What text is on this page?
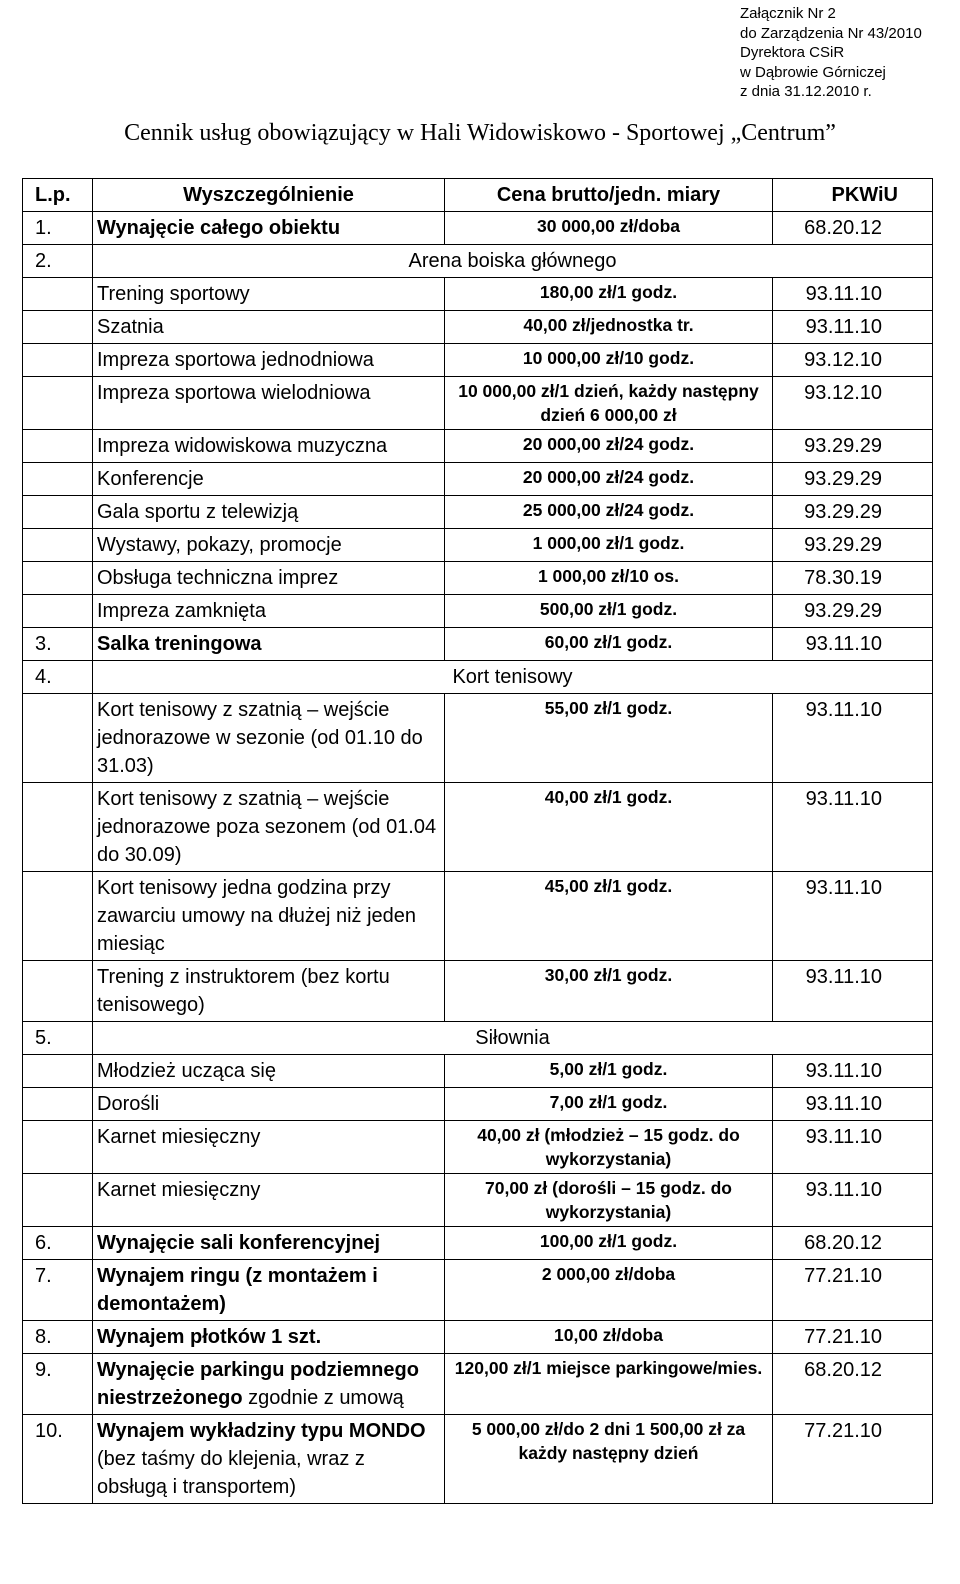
Załącznik Nr 2
do Zarządzenia Nr 43/2010
Dyrektora CSiR
w Dąbrowie Górniczej
z dnia 31.12.2010 r.
Cennik usług obowiązujący w Hali Widowiskowo - Sportowej „Centrum”
L.p.	Wyszczególnienie	Cena brutto/jedn. miary	PKWiU
1.	Wynajęcie całego obiektu	30 000,00 zł/doba	68.20.12
2.	Arena boiska głównego		
	Trening sportowy	180,00 zł/1 godz.	93.11.10
	Szatnia	40,00 zł/jednostka tr.	93.11.10
	Impreza sportowa jednodniowa	10 000,00 zł/10 godz.	93.12.10
	Impreza sportowa wielodniowa	10 000,00 zł/1 dzień, każdy następny dzień 6 000,00 zł	93.12.10
	Impreza widowiskowa muzyczna	20 000,00 zł/24 godz.	93.29.29
	Konferencje	20 000,00 zł/24 godz.	93.29.29
	Gala sportu z telewizją	25 000,00 zł/24 godz.	93.29.29
	Wystawy, pokazy, promocje	1 000,00 zł/1 godz.	93.29.29
	Obsługa techniczna imprez	1 000,00 zł/10 os.	78.30.19
	Impreza zamknięta	500,00 zł/1 godz.	93.29.29
3.	Salka treningowa	60,00 zł/1 godz.	93.11.10
4.	Kort tenisowy		
	Kort tenisowy z szatnią – wejście jednorazowe w sezonie (od 01.10 do 31.03)	55,00 zł/1 godz.	93.11.10
	Kort tenisowy z szatnią – wejście jednorazowe poza sezonem (od 01.04 do 30.09)	40,00 zł/1 godz.	93.11.10
	Kort tenisowy jedna godzina przy zawarciu umowy na dłużej niż jeden miesiąc	45,00 zł/1 godz.	93.11.10
	Trening z instruktorem (bez kortu tenisowego)	30,00 zł/1 godz.	93.11.10
5.	Siłownia		
	Młodzież ucząca się	5,00 zł/1 godz.	93.11.10
	Dorośli	7,00 zł/1 godz.	93.11.10
	Karnet miesięczny	40,00 zł (młodzież – 15 godz. do wykorzystania)	93.11.10
	Karnet miesięczny	70,00 zł (dorośli – 15 godz. do wykorzystania)	93.11.10
6.	Wynajęcie sali konferencyjnej	100,00 zł/1 godz.	68.20.12
7.	Wynajem ringu (z montażem i demontażem)	2 000,00 zł/doba	77.21.10
8.	Wynajem płotków 1 szt.	10,00 zł/doba	77.21.10
9.	Wynajęcie parkingu podziemnego niestrzeżonego zgodnie z umową	120,00 zł/1 miejsce parkingowe/mies.	68.20.12
10.	Wynajem wykładziny typu MONDO (bez taśmy do klejenia, wraz z obsługą i transportem)	5 000,00 zł/do 2 dni 1 500,00 zł za każdy następny dzień	77.21.10
